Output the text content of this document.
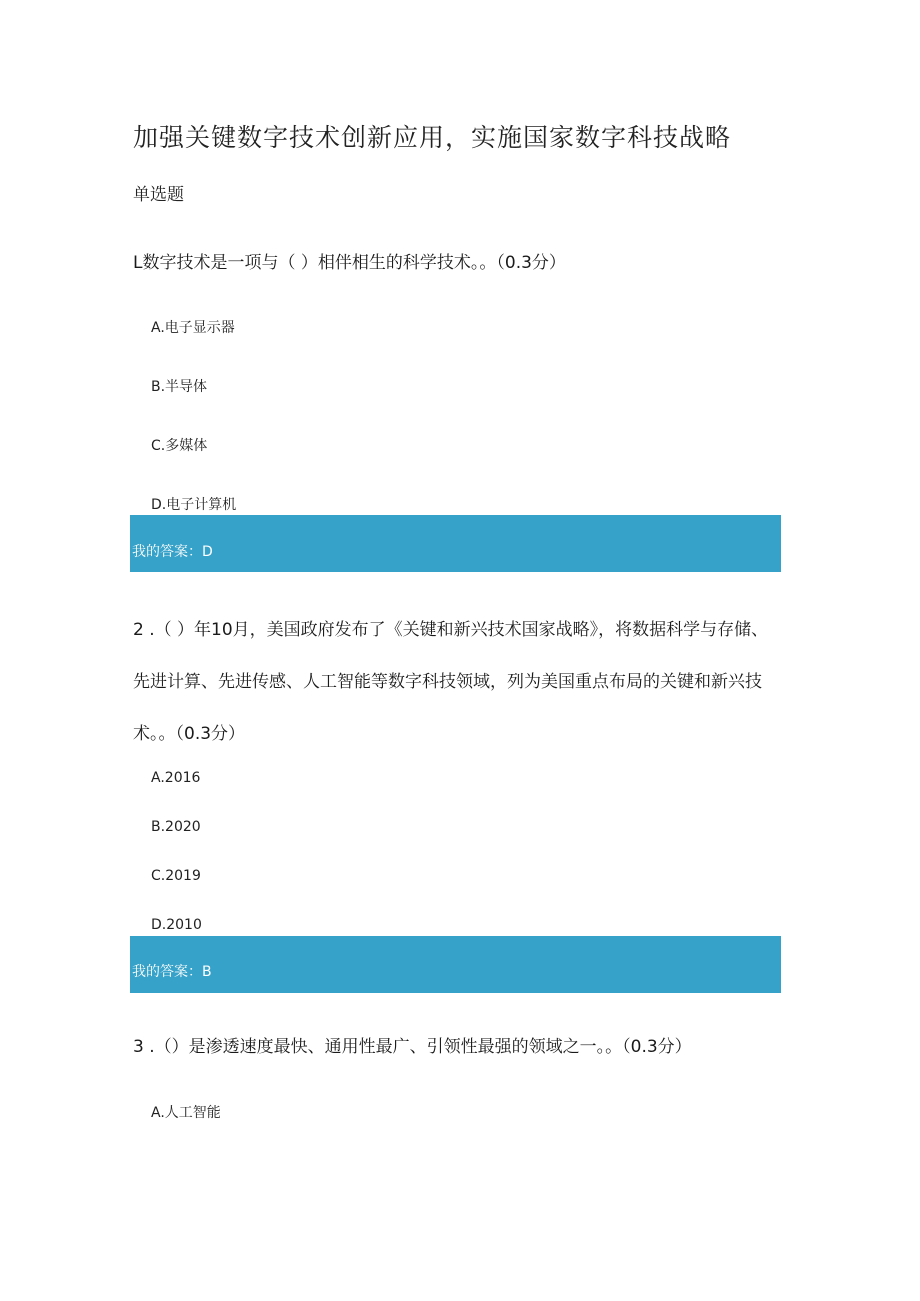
加强关键数字技术创新应用，实施国家数字科技战略
单选题
L数字技术是一项与（ ）相伴相生的科学技术。。（0.3分）
A.电子显示器
B.半导体
C.多媒体
D.电子计算机
我的答案：D
2 .（ ）年10月，美国政府发布了《关键和新兴技术国家战略》，将数据科学与存储、先进计算、先进传感、人工智能等数字科技领域，列为美国重点布局的关键和新兴技术。。（0.3分）
A.2016
B.2020
C.2019
D.2010
我的答案：B
3 .（）是渗透速度最快、通用性最广、引领性最强的领域之一。。（0.3分）
A.人工智能
